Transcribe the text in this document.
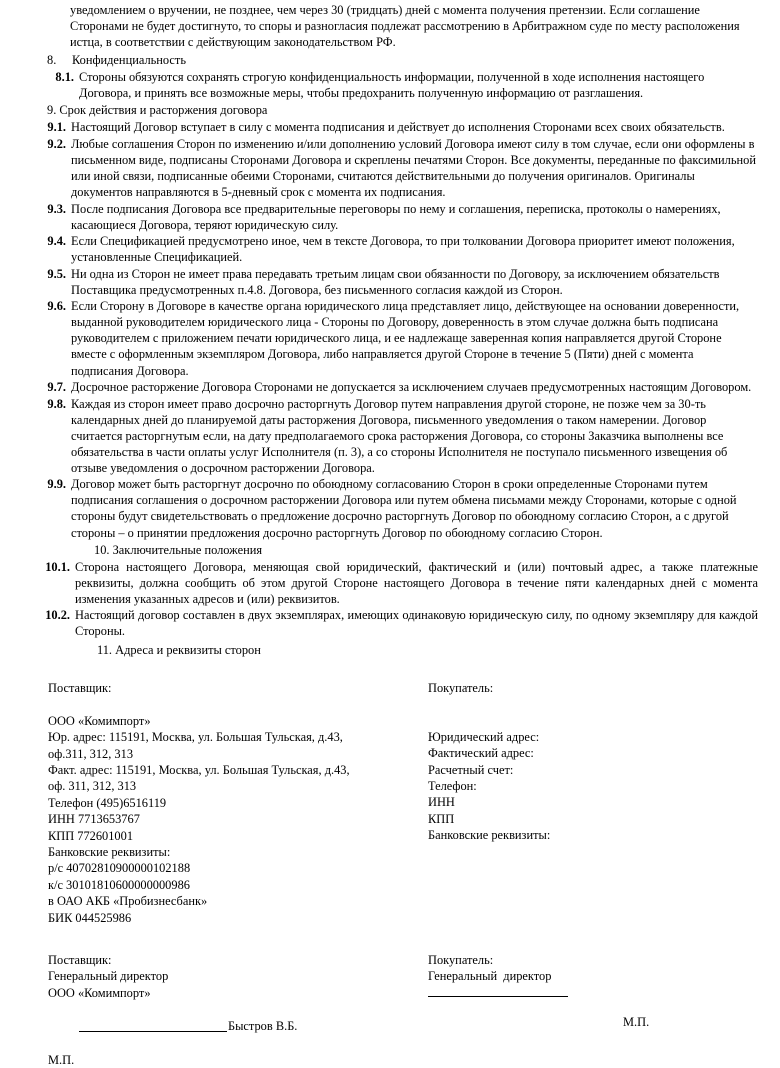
уведомлением о вручении, не позднее, чем через 30 (тридцать) дней с момента получения претензии. Если соглашение Сторонами не будет достигнуто, то споры и разногласия подлежат рассмотрению в Арбитражном суде по месту расположения истца, в соответствии с действующим законодательством РФ.

8. Конфиденциальность
8.1. Стороны обязуются сохранять строгую конфиденциальность информации, полученной в ходе исполнения настоящего Договора, и принять все возможные меры, чтобы предохранить полученную информацию от разглашения.
9. Срок действия и расторжения договора
9.1. Настоящий Договор вступает в силу с момента подписания и действует до исполнения Сторонами всех своих обязательств.
9.2. Любые соглашения Сторон по изменению и/или дополнению условий Договора имеют силу в том случае, если они оформлены в письменном виде, подписаны Сторонами Договора и скреплены печатями Сторон. Все документы, переданные по факсимильной или иной связи, подписанные обеими Сторонами, считаются действительными до получения оригиналов. Оригиналы документов направляются в 5-дневный срок с момента их подписания.
9.3. После подписания Договора все предварительные переговоры по нему и соглашения, переписка, протоколы о намерениях, касающиеся Договора, теряют юридическую силу.
9.4. Если Спецификацией предусмотрено иное, чем в тексте Договора, то при толковании Договора приоритет имеют положения, установленные Спецификацией.
9.5. Ни одна из Сторон не имеет права передавать третьим лицам свои обязанности по Договору, за исключением обязательств Поставщика предусмотренных п.4.8. Договора, без письменного согласия каждой из Сторон.
9.6. Если Сторону в Договоре в качестве органа юридического лица представляет лицо, действующее на основании доверенности, выданной руководителем юридического лица - Стороны по Договору, доверенность в этом случае должна быть подписана руководителем с приложением печати юридического лица, и ее надлежаще заверенная копия направляется другой Стороне вместе с оформленным экземпляром Договора, либо направляется другой Стороне в течение 5 (Пяти) дней с момента подписания Договора.
9.7. Досрочное расторжение Договора Сторонами не допускается за исключением случаев предусмотренных настоящим Договором.
9.8. Каждая из сторон имеет право досрочно расторгнуть Договор путем направления другой стороне, не позже чем за 30-ть календарных дней до планируемой даты расторжения Договора, письменного уведомления о таком намерении. Договор считается расторгнутым если, на дату предполагаемого срока расторжения Договора, со стороны Заказчика выполнены все обязательства в части оплаты услуг Исполнителя (п. 3), а со стороны Исполнителя не поступало письменного извещения об отзыве уведомления о досрочном расторжении Договора.
9.9. Договор может быть расторгнут досрочно по обоюдному согласованию Сторон в сроки определенные Сторонами путем подписания соглашения о досрочном расторжении Договора или путем обмена письмами между Сторонами, которые с одной стороны будут свидетельствовать о предложение досрочно расторгнуть Договор по обоюдному согласию Сторон, а с другой стороны – о принятии предложения досрочно расторгнуть Договор по обоюдному согласию Сторон.
10. Заключительные положения
10.1. Сторона настоящего Договора, меняющая свой юридический, фактический и (или) почтовый адрес, а также платежные реквизиты, должна сообщить об этом другой Стороне настоящего Договора в течение пяти календарных дней с момента изменения указанных адресов и (или) реквизитов.
10.2. Настоящий договор составлен в двух экземплярах, имеющих одинаковую юридическую силу, по одному экземпляру для каждой Стороны.
11. Адреса и реквизиты сторон

Поставщик:

ООО «Комимпорт»

Юр. адрес: 115191, Москва, ул. Большая Тульская, д.43,

оф.311, 312, 313

Факт. адрес: 115191, Москва, ул. Большая Тульская, д.43,

оф. 311, 312, 313

Телефон (495)6516119

ИНН 7713653767

КПП 772601001

Банковские реквизиты:

р/с 40702810900000102188

к/с 30101810600000000986

в ОАО АКБ «Пробизнесбанк»

БИК 044525986

Покупатель:

Юридический адрес:

Фактический адрес:

Расчетный счет:

Телефон:

ИНН

КПП

Банковские реквизиты:

Поставщик:

Генеральный директор

ООО «Комимпорт»

Быстров В.Б.

М.П.

Покупатель:

Генеральный  директор

М.П.
